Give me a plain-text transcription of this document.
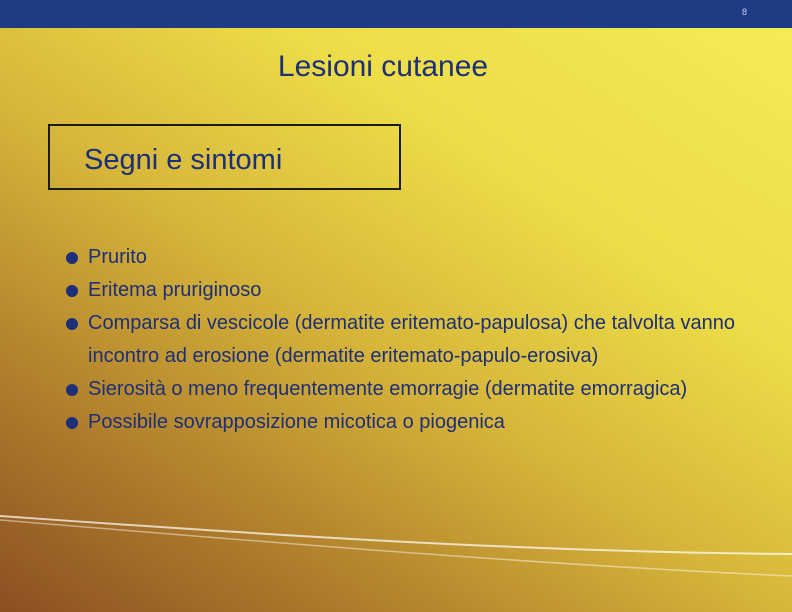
8
Lesioni cutanee
Segni e sintomi
Prurito
Eritema pruriginoso
Comparsa di vescicole (dermatite eritemato-papulosa) che talvolta vanno incontro ad erosione (dermatite eritemato-papulo-erosiva)
Sierosità o meno frequentemente emorragie (dermatite emorragica)
Possibile sovrapposizione micotica o piogenica
